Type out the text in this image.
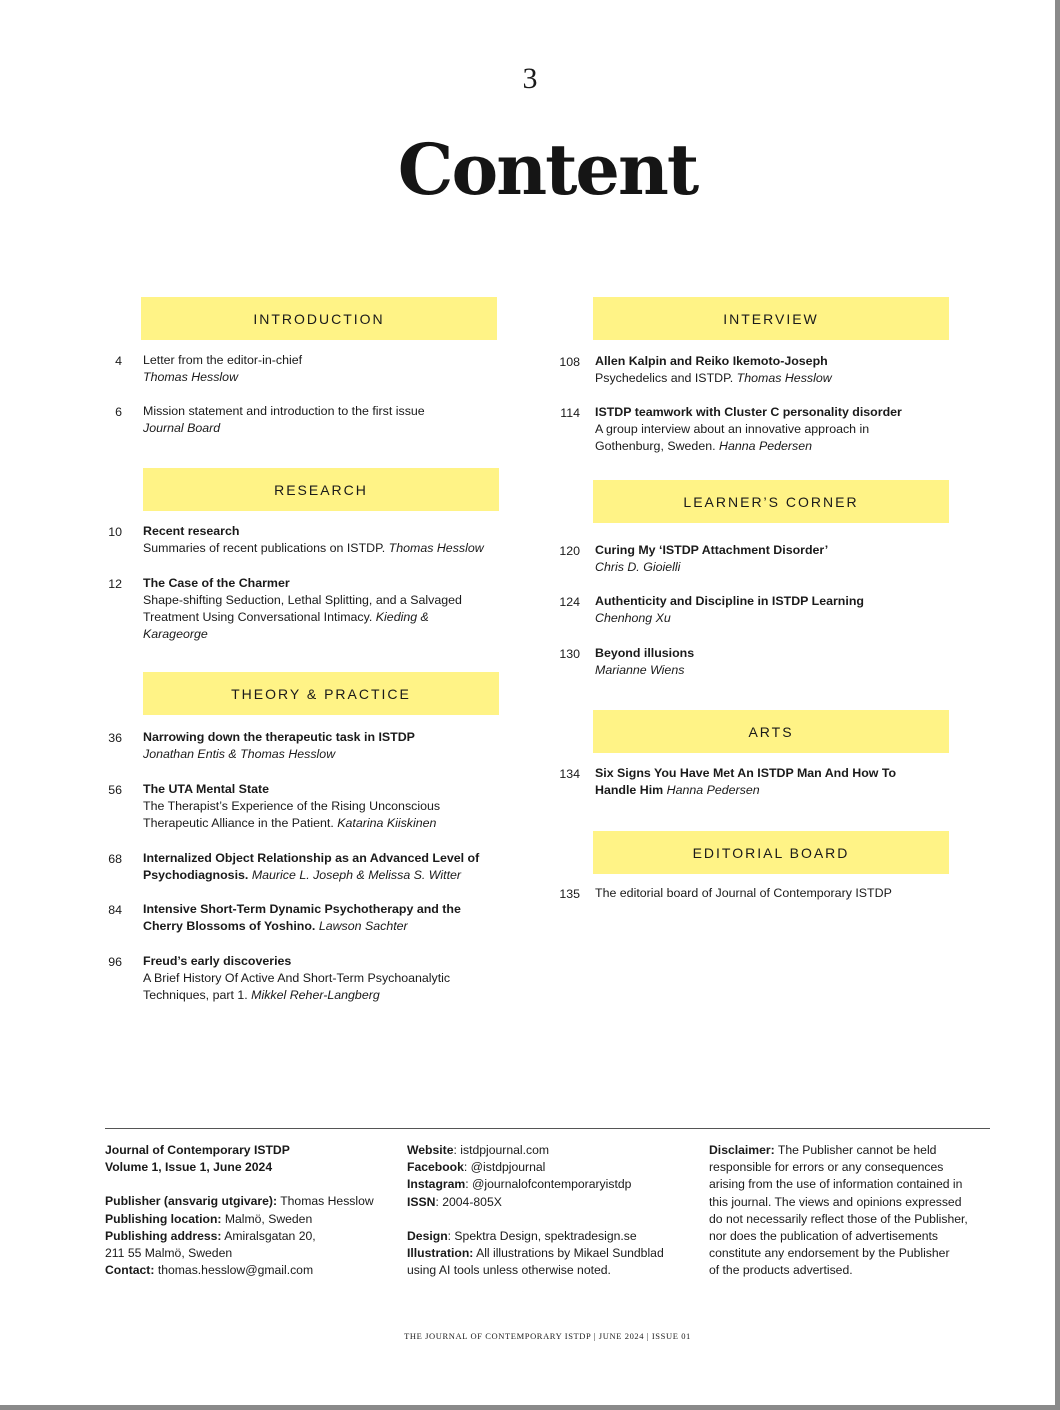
3
Content
INTRODUCTION
4 Letter from the editor-in-chief
Thomas Hesslow
6 Mission statement and introduction to the first issue
Journal Board
RESEARCH
10 Recent research
Summaries of recent publications on ISTDP. Thomas Hesslow
12 The Case of the Charmer
Shape-shifting Seduction, Lethal Splitting, and a Salvaged
Treatment Using Conversational Intimacy. Kieding &
Karageorge
THEORY & PRACTICE
36 Narrowing down the therapeutic task in ISTDP
Jonathan Entis & Thomas Hesslow
56 The UTA Mental State
The Therapist’s Experience of the Rising Unconscious
Therapeutic Alliance in the Patient. Katarina Kiiskinen
68 Internalized Object Relationship as an Advanced Level of
Psychodiagnosis. Maurice L. Joseph & Melissa S. Witter
84 Intensive Short-Term Dynamic Psychotherapy and the
Cherry Blossoms of Yoshino. Lawson Sachter
96 Freud’s early discoveries
A Brief History Of Active And Short-Term Psychoanalytic
Techniques, part 1. Mikkel Reher-Langberg
INTERVIEW
108 Allen Kalpin and Reiko Ikemoto-Joseph
Psychedelics and ISTDP. Thomas Hesslow
114 ISTDP teamwork with Cluster C personality disorder
A group interview about an innovative approach in
Gothenburg, Sweden. Hanna Pedersen
LEARNER’S CORNER
120 Curing My ‘ISTDP Attachment Disorder’
Chris D. Gioielli
124 Authenticity and Discipline in ISTDP Learning
Chenhong Xu
130 Beyond illusions
Marianne Wiens
ARTS
134 Six Signs You Have Met An ISTDP Man And How To
Handle Him Hanna Pedersen
EDITORIAL BOARD
135 The editorial board of Journal of Contemporary ISTDP
Journal of Contemporary ISTDP
Volume 1, Issue 1, June 2024
Publisher (ansvarig utgivare): Thomas Hesslow
Publishing location: Malmö, Sweden
Publishing address: Amiralsgatan 20,
211 55 Malmö, Sweden
Contact: thomas.hesslow@gmail.com
Website: istdpjournal.com
Facebook: @istdpjournal
Instagram: @journalofcontemporaryistdp
ISSN: 2004-805X
Design: Spektra Design, spektradesign.se
Illustration: All illustrations by Mikael Sundblad
using AI tools unless otherwise noted.
Disclaimer: The Publisher cannot be held
responsible for errors or any consequences
arising from the use of information contained in
this journal. The views and opinions expressed
do not necessarily reflect those of the Publisher,
nor does the publication of advertisements
constitute any endorsement by the Publisher
of the products advertised.
THE JOURNAL OF CONTEMPORARY ISTDP | JUNE 2024 | ISSUE 01
